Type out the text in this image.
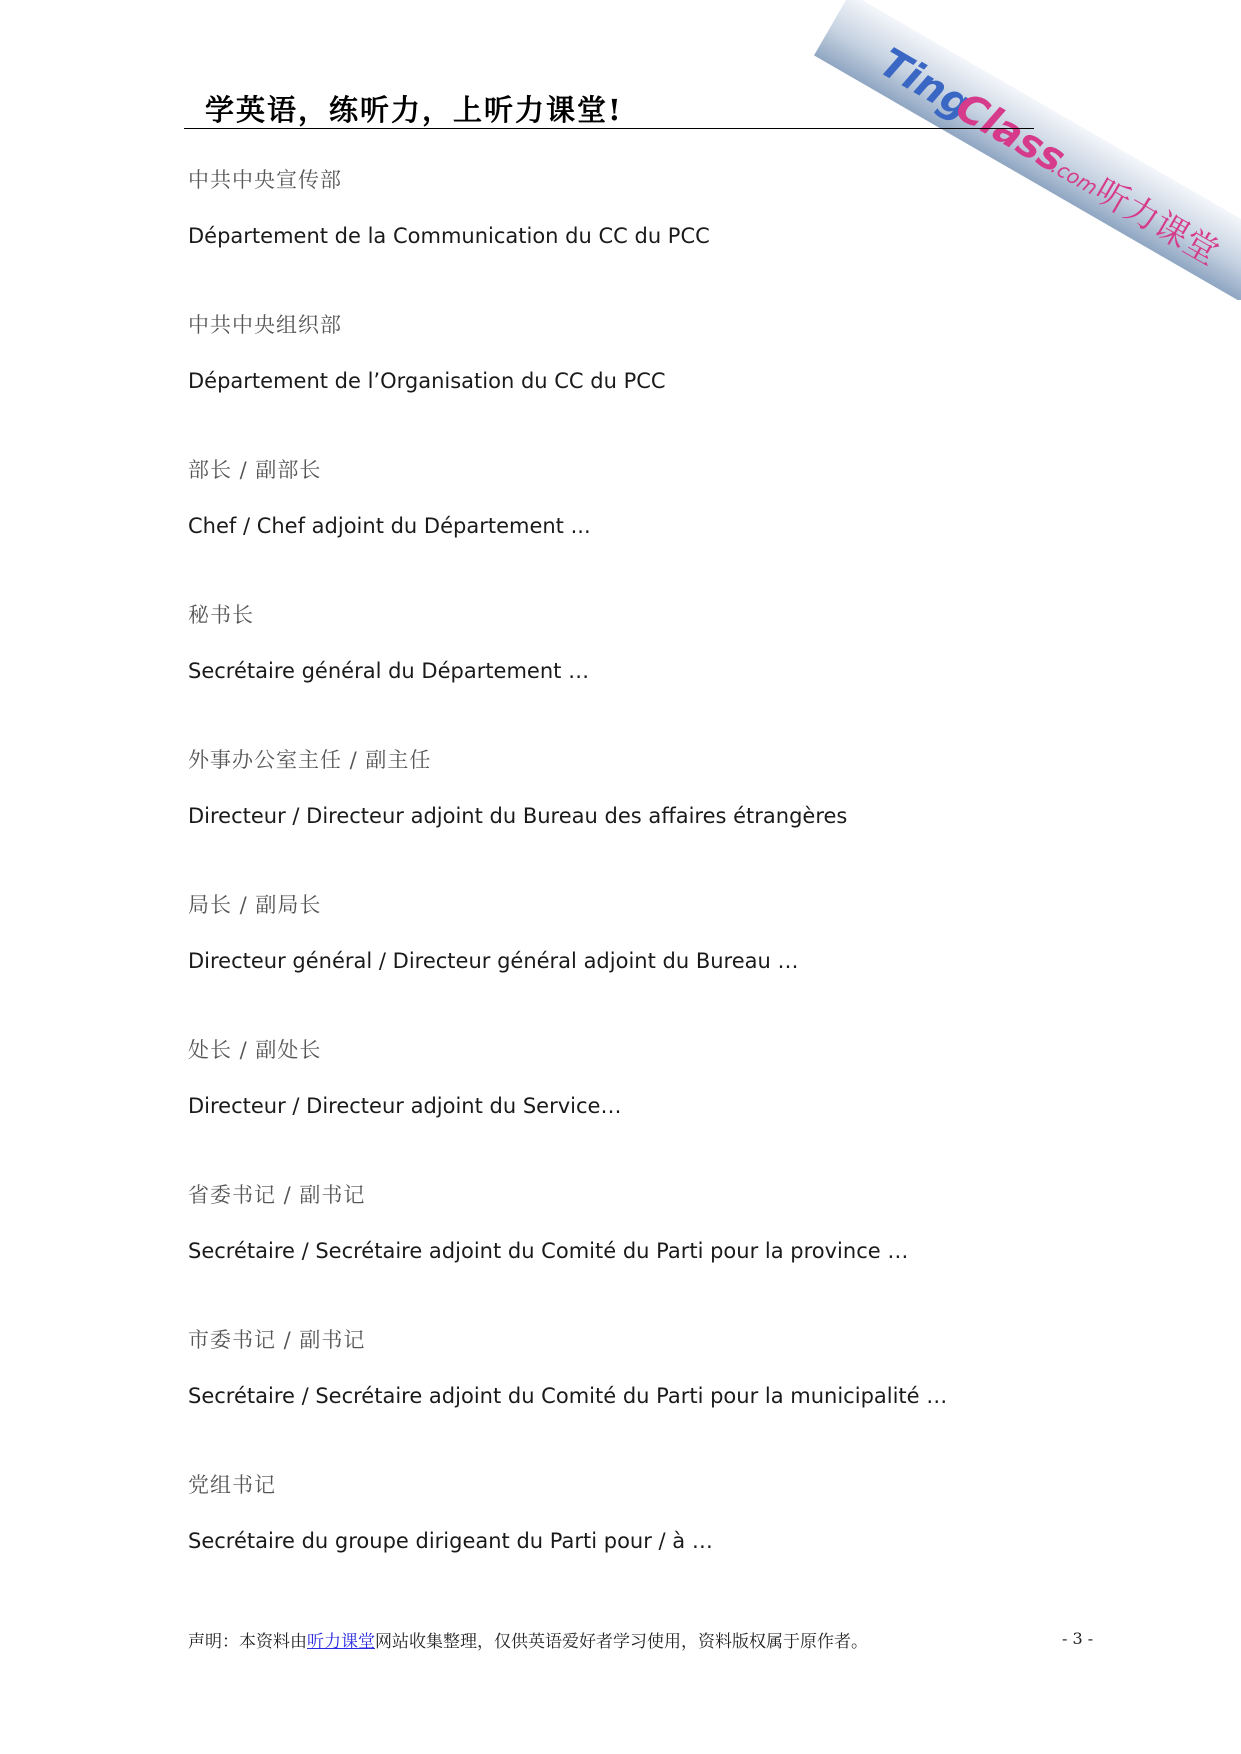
Ting
Class
.com
听力课堂
学英语，练听力，上听力课堂!
中共中央宣传部
Département de la Communication du CC du PCC
中共中央组织部
Département de l’Organisation du CC du PCC
部长 / 副部长
Chef / Chef adjoint du Département ...
秘书长
Secrétaire général du Département …
外事办公室主任 / 副主任
Directeur / Directeur adjoint du Bureau des affaires étrangères
局长 / 副局长
Directeur général / Directeur général adjoint du Bureau …
处长 / 副处长
Directeur / Directeur adjoint du Service…
省委书记 / 副书记
Secrétaire / Secrétaire adjoint du Comité du Parti pour la province …
市委书记 / 副书记
Secrétaire / Secrétaire adjoint du Comité du Parti pour la municipalité …
党组书记
Secrétaire du groupe dirigeant du Parti pour / à …
声明：本资料由听力课堂网站收集整理，仅供英语爱好者学习使用，资料版权属于原作者。	- 3 -
